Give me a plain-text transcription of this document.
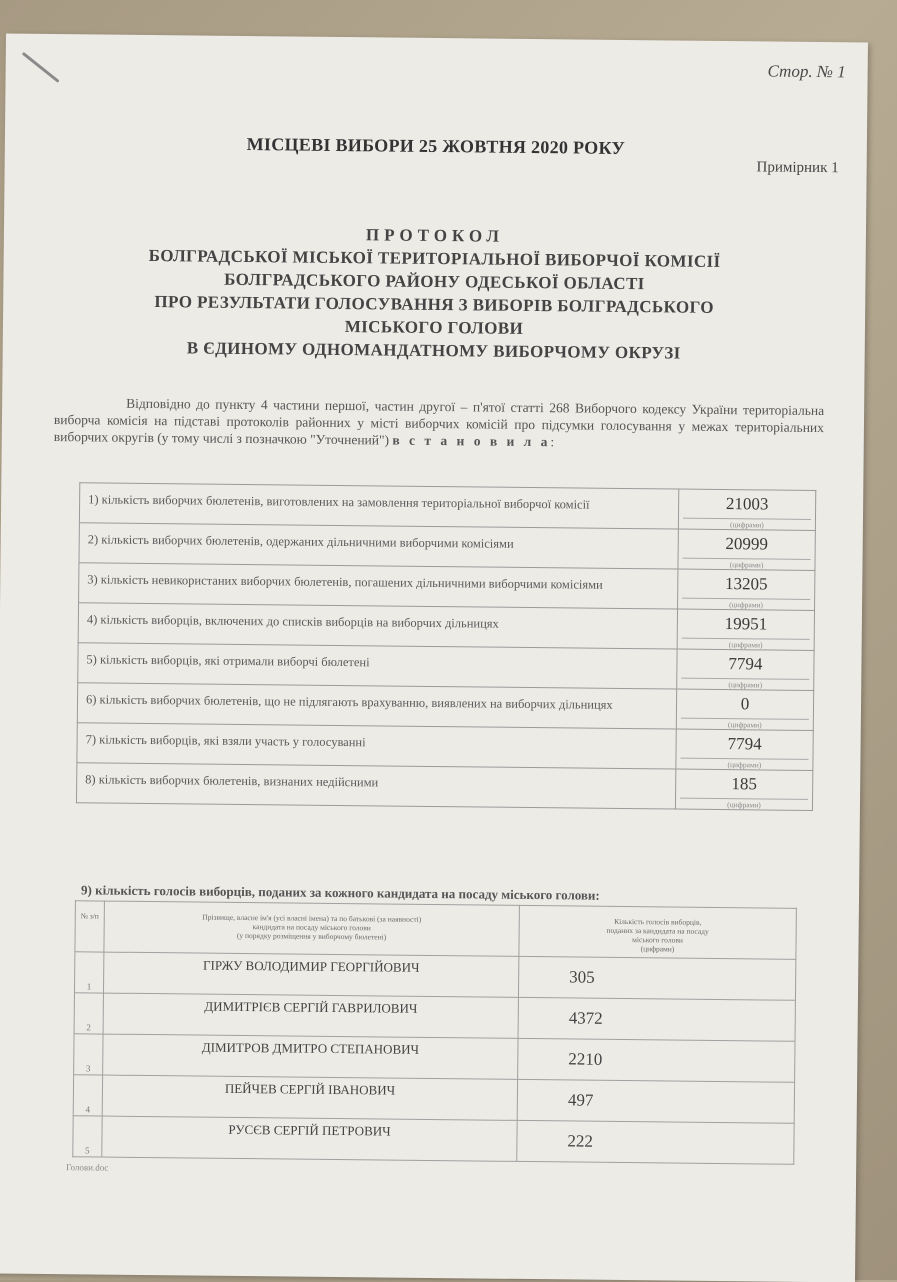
Стор. № 1
МІСЦЕВІ ВИБОРИ 25 ЖОВТНЯ 2020 РОКУ
Примірник 1
ПРОТОКОЛ
БОЛГРАДСЬКОЇ МІСЬКОЇ ТЕРИТОРІАЛЬНОЇ ВИБОРЧОЇ КОМІСІЇ
БОЛГРАДСЬКОГО РАЙОНУ ОДЕСЬКОЇ ОБЛАСТІ
ПРО РЕЗУЛЬТАТИ ГОЛОСУВАННЯ З ВИБОРІВ БОЛГРАДСЬКОГО
МІСЬКОГО ГОЛОВИ
В ЄДИНОМУ ОДНОМАНДАТНОМУ ВИБОРЧОМУ ОКРУЗІ
Відповідно до пункту 4 частини першої, частин другої – п'ятої статті 268 Виборчого кодексу України територіальна виборча комісія на підставі протоколів районних у місті виборчих комісій про підсумки голосування у межах територіальних виборчих округів (у тому числі з позначкою "Уточнений") в с т а н о в и л а:
1) кількість виборчих бюлетенів, виготовлених на замовлення територіальної виборчої комісії	21003
(цифрами)

2) кількість виборчих бюлетенів, одержаних дільничними виборчими комісіями	20999
(цифрами)

3) кількість невикористаних виборчих бюлетенів, погашених дільничними виборчими комісіями	13205
(цифрами)

4) кількість виборців, включених до списків виборців на виборчих дільницях	19951
(цифрами)

5) кількість виборців, які отримали виборчі бюлетені	7794
(цифрами)

6) кількість виборчих бюлетенів, що не підлягають врахуванню, виявлених на виборчих дільницях	0
(цифрами)

7) кількість виборців, які взяли участь у голосуванні	7794
(цифрами)

8) кількість виборчих бюлетенів, визнаних недійсними	185
(цифрами)
9) кількість голосів виборців, поданих за кожного кандидата на посаду міського голови:
№ з/п	Прізвище, власне ім'я (усі власні імена) та по батькові (за наявності)
кандидата на посаду міського голови
(у порядку розміщення у виборчому бюлетені)	Кількість голосів виборців,
поданих за кандидата на посаду
міського голови
(цифрами)

1	ГІРЖУ ВОЛОДИМИР ГЕОРГІЙОВИЧ	305
2	ДИМИТРІЄВ СЕРГІЙ ГАВРИЛОВИЧ	4372
3	ДІМИТРОВ ДМИТРО СТЕПАНОВИЧ	2210
4	ПЕЙЧЕВ СЕРГІЙ ІВАНОВИЧ	497
5	РУСЄВ СЕРГІЙ ПЕТРОВИЧ	222
Голови.doc
